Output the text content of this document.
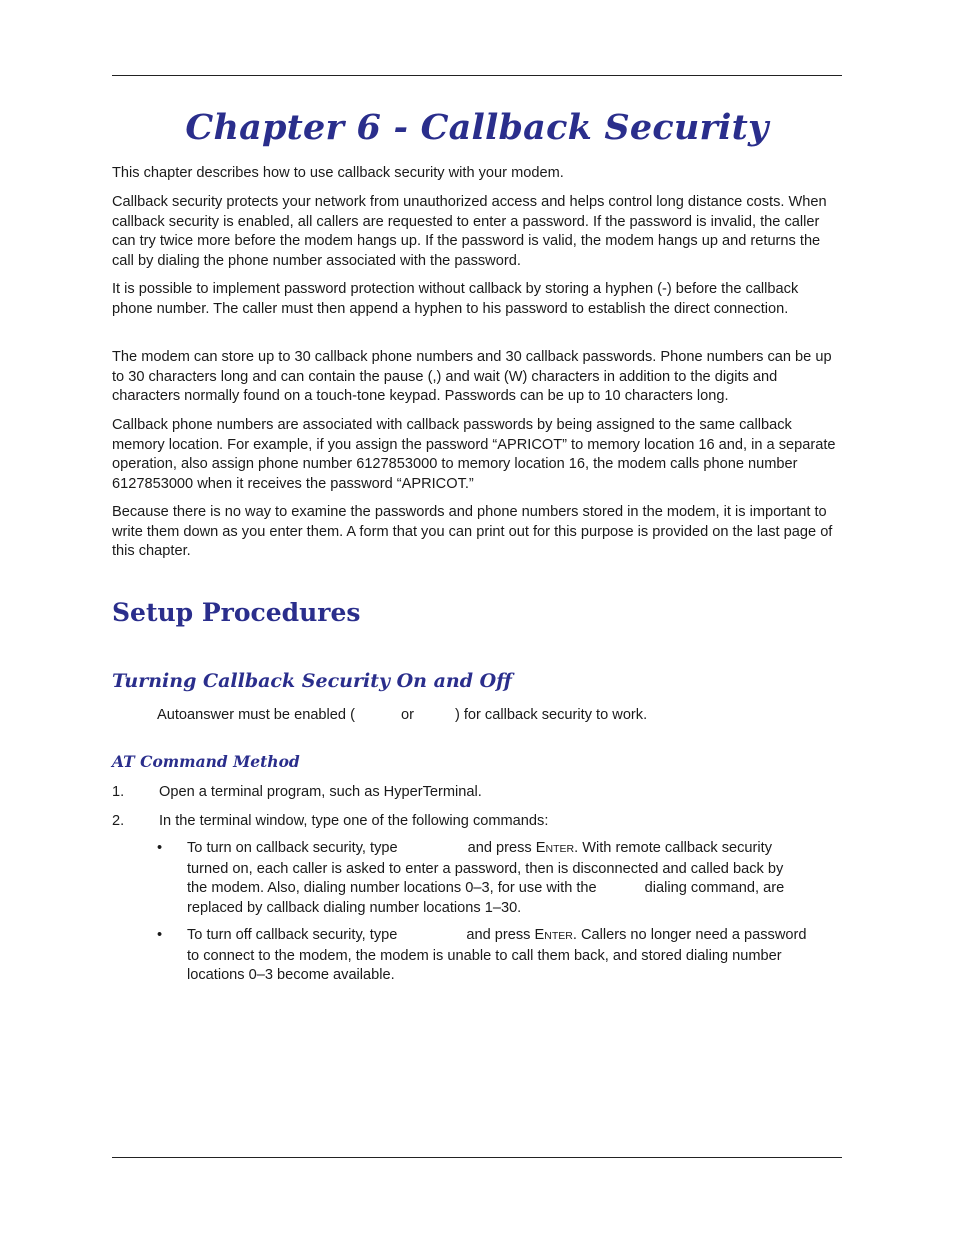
Chapter 6 - Callback Security

This chapter describes how to use callback security with your modem.

Callback security protects your network from unauthorized access and helps control long distance costs. When callback security is enabled, all callers are requested to enter a password. If the password is invalid, the caller can try twice more before the modem hangs up. If the password is valid, the modem hangs up and returns the call by dialing the phone number associated with the password.

It is possible to implement password protection without callback by storing a hyphen (-) before the callback phone number. The caller must then append a hyphen to his password to establish the direct connection.

The modem can store up to 30 callback phone numbers and 30 callback passwords. Phone numbers can be up to 30 characters long and can contain the pause (,) and wait (W) characters in addition to the digits and characters normally found on a touch-tone keypad. Passwords can be up to 10 characters long.

Callback phone numbers are associated with callback passwords by being assigned to the same callback memory location. For example, if you assign the password “APRICOT” to memory location 16 and, in a separate operation, also assign phone number 6127853000 to memory location 16, the modem calls phone number 6127853000 when it receives the password “APRICOT.”

Because there is no way to examine the passwords and phone numbers stored in the modem, it is important to write them down as you enter them. A form that you can print out for this purpose is provided on the last page of this chapter.

Setup Procedures
Turning Callback Security On and Off

Autoanswer must be enabled (	or	) for callback security to work.

AT Command Method
1. Open a terminal program, such as HyperTerminal.
2. In the terminal window, type one of the following commands:
• To turn on callback security, type	and press ENTER. With remote callback security
turned on, each caller is asked to enter a password, then is disconnected and called back by
the modem. Also, dialing number locations 0–3, for use with the	dialing command, are
replaced by callback dialing number locations 1–30.
• To turn off callback security, type	and press ENTER. Callers no longer need a password
to connect to the modem, the modem is unable to call them back, and stored dialing number
locations 0–3 become available.
